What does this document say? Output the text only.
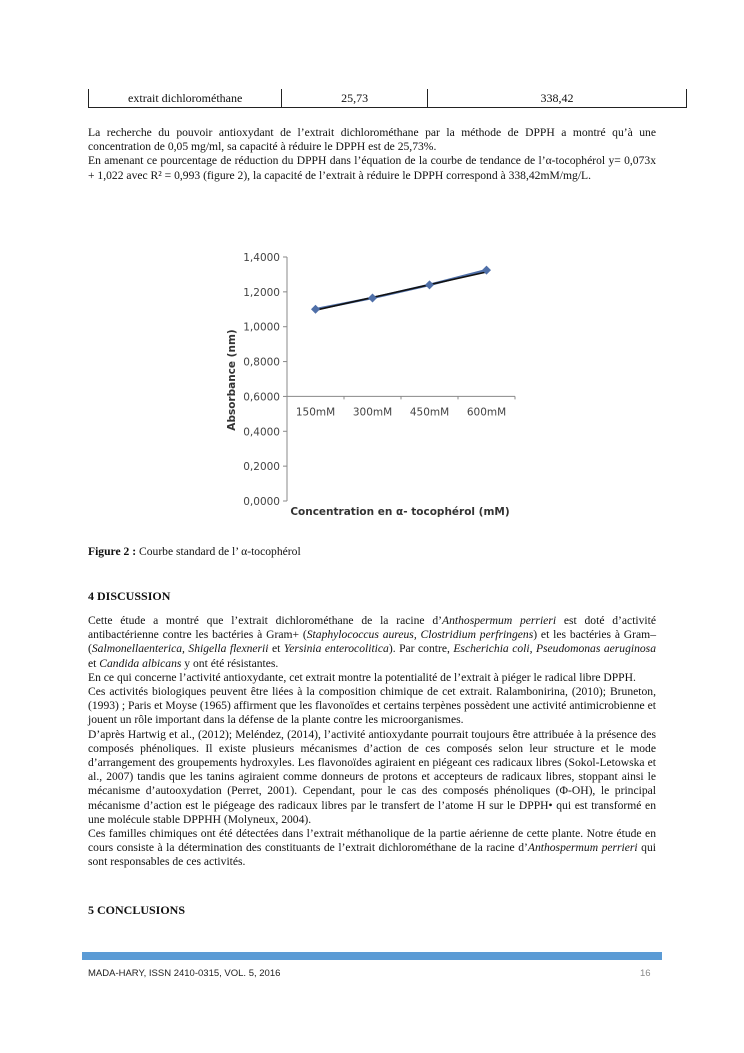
extrait dichlorométhane	25,73	338,42

La recherche du pouvoir antioxydant de l’extrait dichlorométhane par la méthode de DPPH a montré qu’à une concentration de 0,05 mg/ml, sa capacité à réduire le DPPH est de 25,73%.

En amenant ce pourcentage de réduction du DPPH dans l’équation de la courbe de tendance de l’α-tocophérol y= 0,073x + 1,022 avec R² = 0,993 (figure 2), la capacité de l’extrait à réduire le DPPH correspond à 338,42mM/mg/L.

0,0000
0,2000
0,4000
0,6000
0,8000
1,0000
1,2000
1,4000
150mM 300mM 450mM 600mM
Absorbance (nm)
Concentration en α- tocophérol (mM)
Figure 2 : Courbe standard de l’ α-tocophérol
4 DISCUSSION

Cette étude a montré que l’extrait dichlorométhane de la racine d’Anthospermum perrieri est doté d’activité antibactérienne contre les bactéries à Gram+ (Staphylococcus aureus, Clostridium perfringens) et les bactéries à Gram– (Salmonellaenterica, Shigella flexnerii et Yersinia enterocolitica). Par contre, Escherichia coli, Pseudomonas aeruginosa et Candida albicans y ont été résistantes.

En ce qui concerne l’activité antioxydante, cet extrait montre la potentialité de l’extrait à piéger le radical libre DPPH.

Ces activités biologiques peuvent être liées à la composition chimique de cet extrait. Ralambonirina, (2010); Bruneton, (1993) ; Paris et Moyse (1965) affirment que les flavonoïdes et certains terpènes possèdent une activité antimicrobienne et jouent un rôle important dans la défense de la plante contre les microorganismes.

D’après Hartwig et al., (2012); Meléndez, (2014), l’activité antioxydante pourrait toujours être attribuée à la présence des composés phénoliques. Il existe plusieurs mécanismes d’action de ces composés selon leur structure et le mode d’arrangement des groupements hydroxyles. Les flavonoïdes agiraient en piégeant ces radicaux libres (Sokol-Letowska et al., 2007) tandis que les tanins agiraient comme donneurs de protons et accepteurs de radicaux libres, stoppant ainsi le mécanisme d’autooxydation (Perret, 2001). Cependant, pour le cas des composés phénoliques (Φ-OH), le principal mécanisme d’action est le piégeage des radicaux libres par le transfert de l’atome H sur le DPPH• qui est transformé en une molécule stable DPPHH (Molyneux, 2004).

Ces familles chimiques ont été détectées dans l’extrait méthanolique de la partie aérienne de cette plante. Notre étude en cours consiste à la détermination des constituants de l’extrait dichlorométhane de la racine d’Anthospermum perrieri qui sont responsables de ces activités.

5 CONCLUSIONS
MADA-HARY, ISSN 2410-0315, VOL. 5, 2016	16
